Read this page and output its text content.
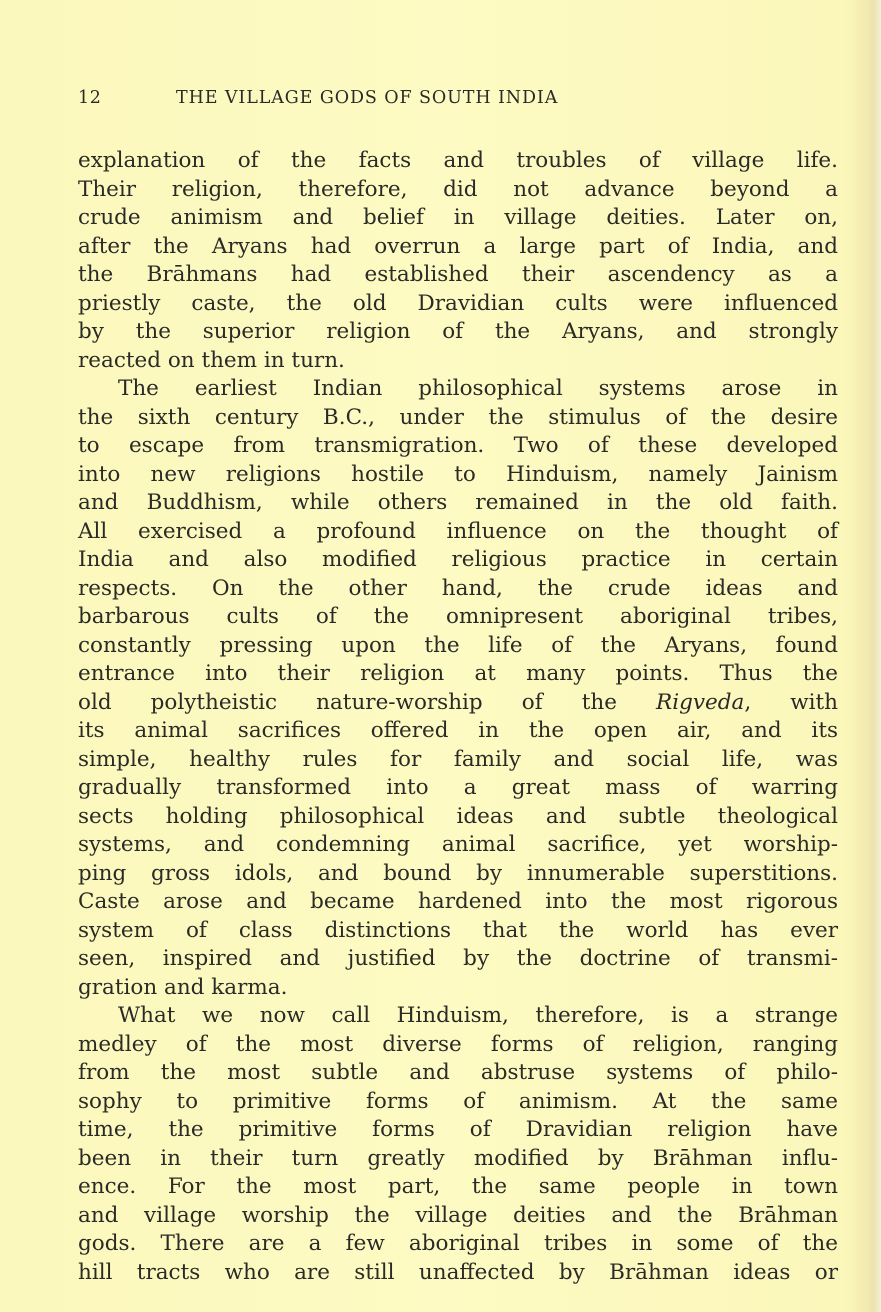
12	THE VILLAGE GODS OF SOUTH INDIA
explanation of the facts and troubles of village life.
Their religion, therefore, did not advance beyond a
crude animism and belief in village deities. Later on,
after the Aryans had overrun a large part of India, and
the Brāhmans had established their ascendency as a
priestly caste, the old Dravidian cults were influenced
by the superior religion of the Aryans, and strongly
reacted on them in turn.
The earliest Indian philosophical systems arose in
the sixth century B.C., under the stimulus of the desire
to escape from transmigration. Two of these developed
into new religions hostile to Hinduism, namely Jainism
and Buddhism, while others remained in the old faith.
All exercised a profound influence on the thought of
India and also modified religious practice in certain
respects. On the other hand, the crude ideas and
barbarous cults of the omnipresent aboriginal tribes,
constantly pressing upon the life of the Aryans, found
entrance into their religion at many points. Thus the
old polytheistic nature-worship of the Rigveda, with
its animal sacrifices offered in the open air, and its
simple, healthy rules for family and social life, was
gradually transformed into a great mass of warring
sects holding philosophical ideas and subtle theological
systems, and condemning animal sacrifice, yet worship-
ping gross idols, and bound by innumerable superstitions.
Caste arose and became hardened into the most rigorous
system of class distinctions that the world has ever
seen, inspired and justified by the doctrine of transmi-
gration and karma.
What we now call Hinduism, therefore, is a strange
medley of the most diverse forms of religion, ranging
from the most subtle and abstruse systems of philo-
sophy to primitive forms of animism. At the same
time, the primitive forms of Dravidian religion have
been in their turn greatly modified by Brāhman influ-
ence. For the most part, the same people in town
and village worship the village deities and the Brāhman
gods. There are a few aboriginal tribes in some of the
hill tracts who are still unaffected by Brāhman ideas or
